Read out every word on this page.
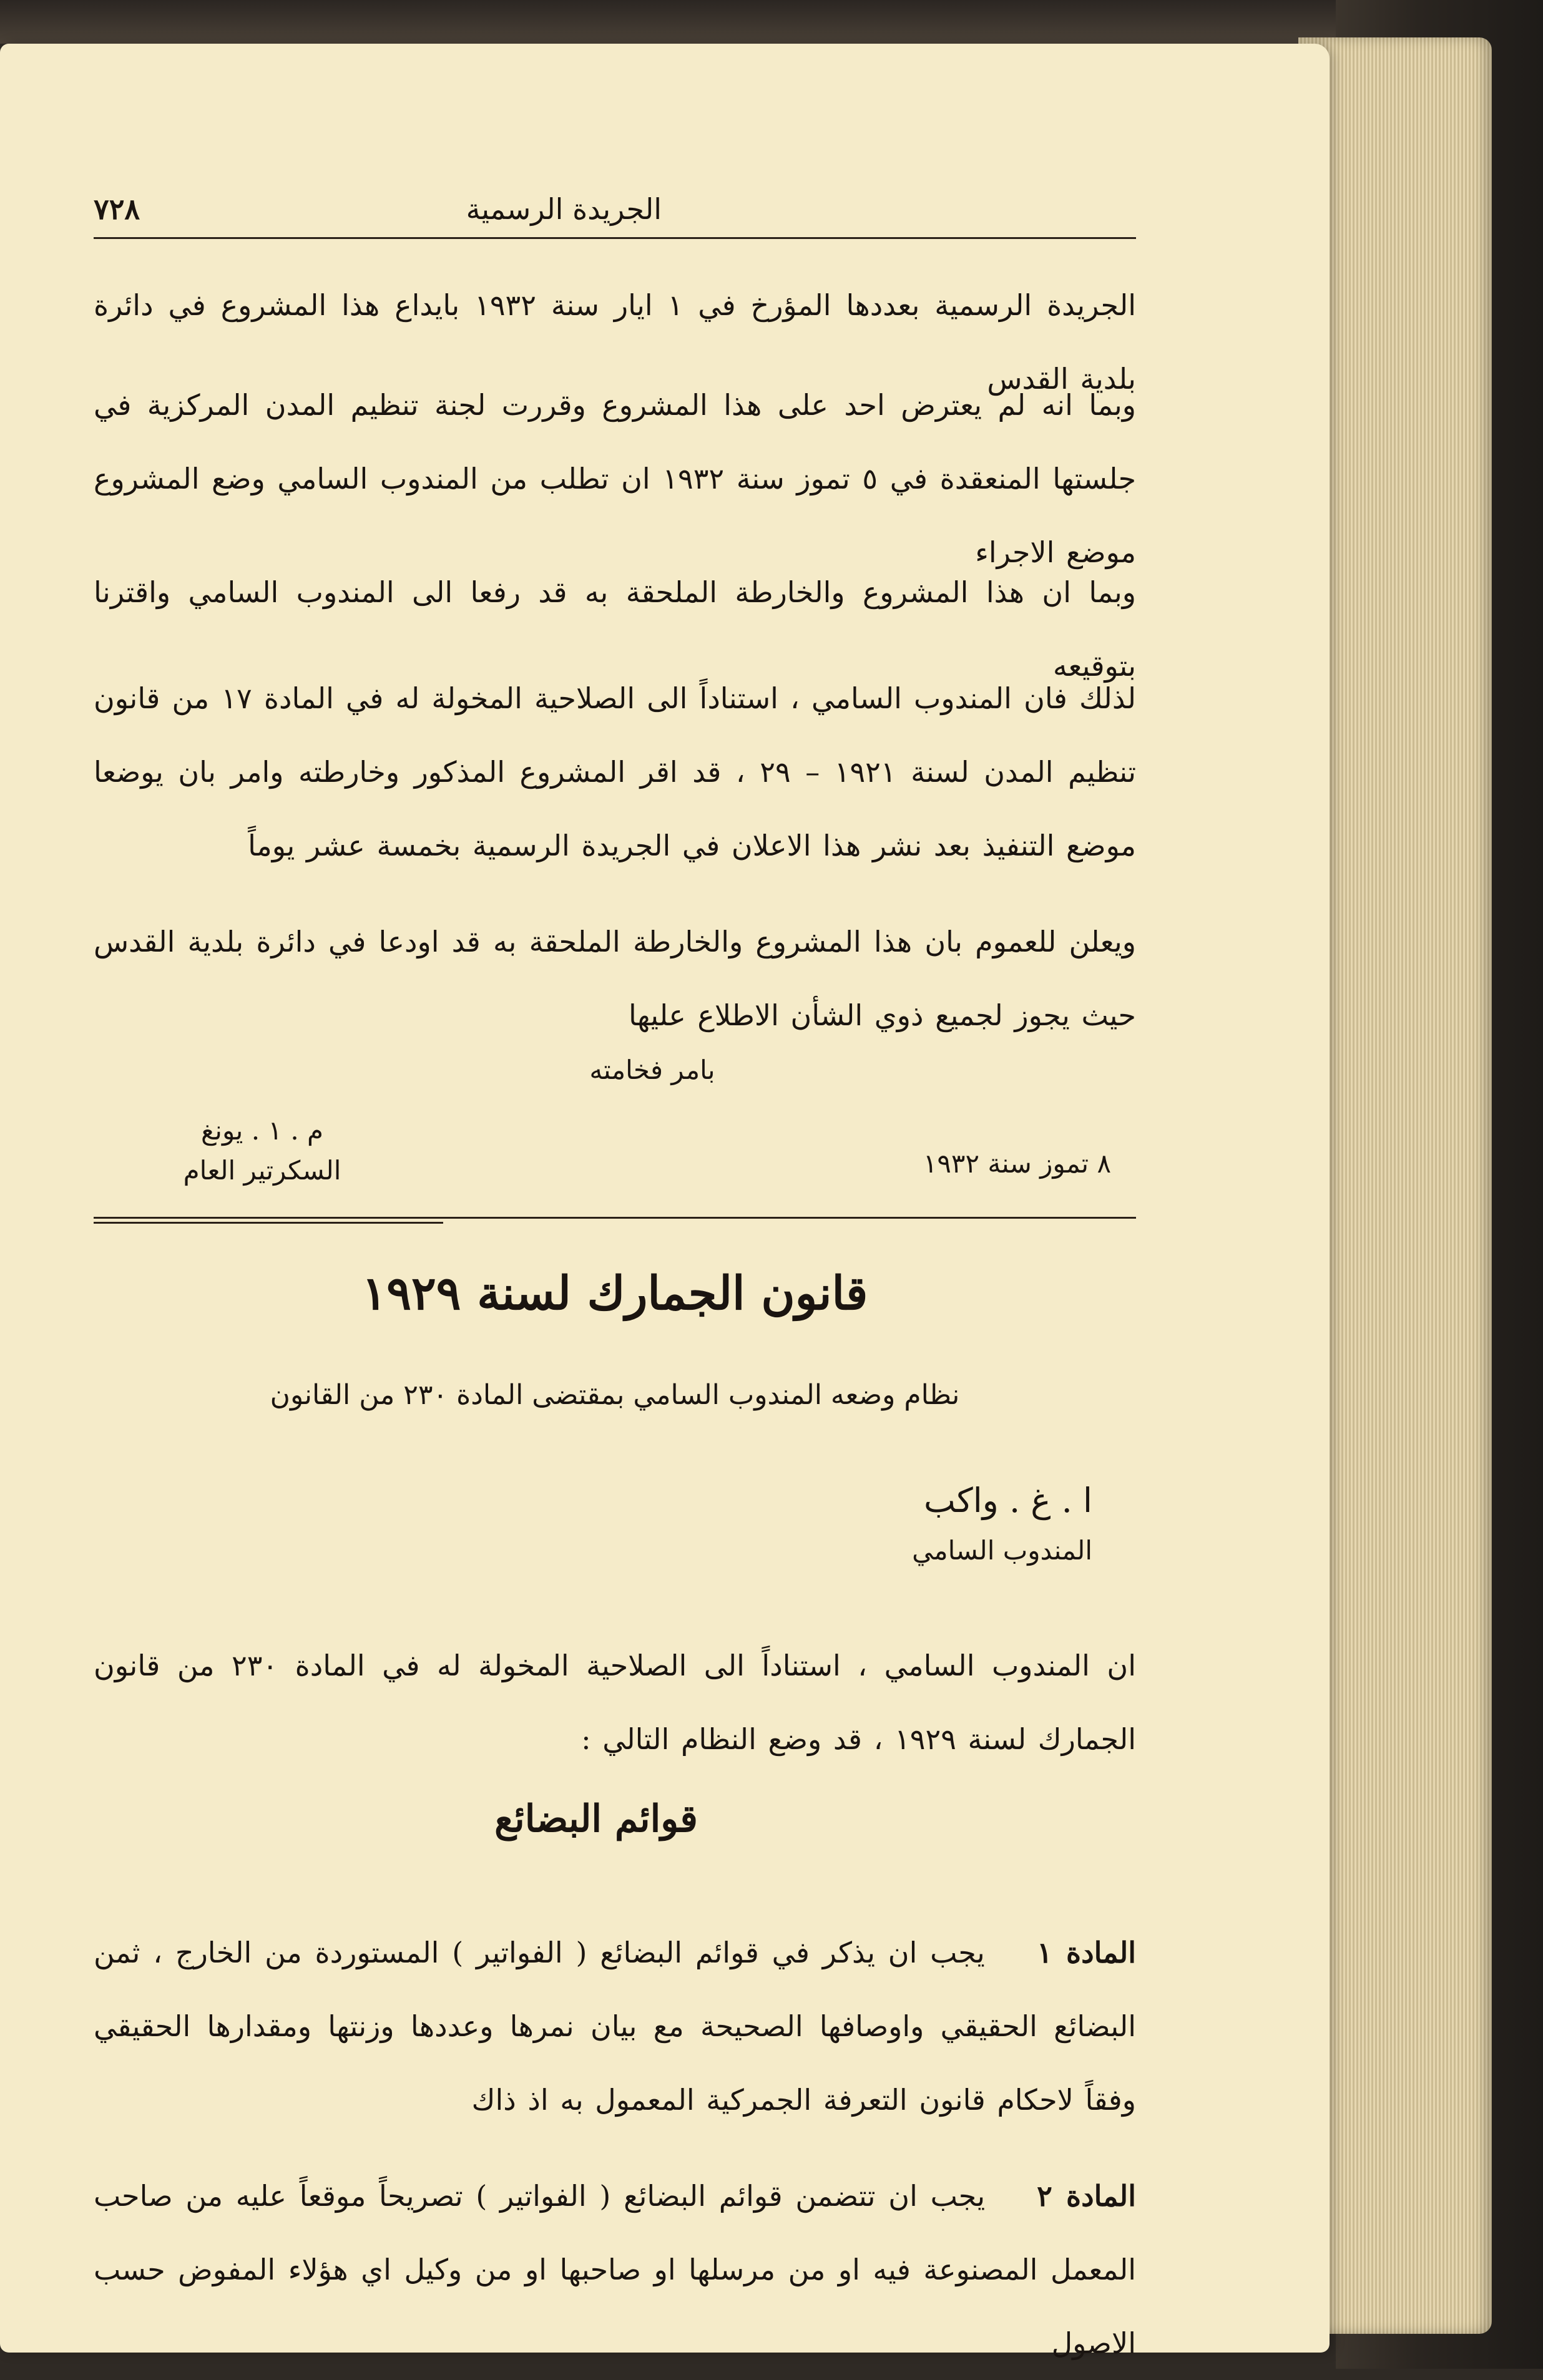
الجريدة الرسمية
٧٢٨
الجريدة الرسمية بعددها المؤرخ في ١ ايار سنة ١٩٣٢ بايداع هذا المشروع في دائرة بلدية القدس
وبما انه لم يعترض احد على هذا المشروع وقررت لجنة تنظيم المدن المركزية في جلستها المنعقدة في ٥ تموز سنة ١٩٣٢ ان تطلب من المندوب السامي وضع المشروع موضع الاجراء
وبما ان هذا المشروع والخارطة الملحقة به قد رفعا الى المندوب السامي واقترنا بتوقيعه
لذلك فان المندوب السامي ، استناداً الى الصلاحية المخولة له في المادة ١٧ من قانون تنظيم المدن لسنة ١٩٢١ – ٢٩ ، قد اقر المشروع المذكور وخارطته وامر بان يوضعا موضع التنفيذ بعد نشر هذا الاعلان في الجريدة الرسمية بخمسة عشر يوماً
ويعلن للعموم بان هذا المشروع والخارطة الملحقة به قد اودعا في دائرة بلدية القدس حيث يجوز لجميع ذوي الشأن الاطلاع عليها
بامر فخامته
م . ١ . يونغ
السكرتير العام	٨ تموز سنة ١٩٣٢
قانون الجمارك لسنة ١٩٢٩
نظام وضعه المندوب السامي بمقتضى المادة ٢٣٠ من القانون
ا . غ . واكب
المندوب السامي
ان المندوب السامي ، استناداً الى الصلاحية المخولة له في المادة ٢٣٠ من قانون الجمارك لسنة ١٩٢٩ ، قد وضع النظام التالي :
قوائم البضائع
المادة ١    يجب ان يذكر في قوائم البضائع ( الفواتير ) المستوردة من الخارج ، ثمن البضائع الحقيقي واوصافها الصحيحة مع بيان نمرها وعددها وزنتها ومقدارها الحقيقي وفقاً لاحكام قانون التعرفة الجمركية المعمول به اذ ذاك
المادة ٢    يجب ان تتضمن قوائم البضائع ( الفواتير ) تصريحاً موقعاً عليه من صاحب المعمل المصنوعة فيه او من مرسلها او صاحبها او من وكيل اي هؤلاء المفوض حسب الاصول
